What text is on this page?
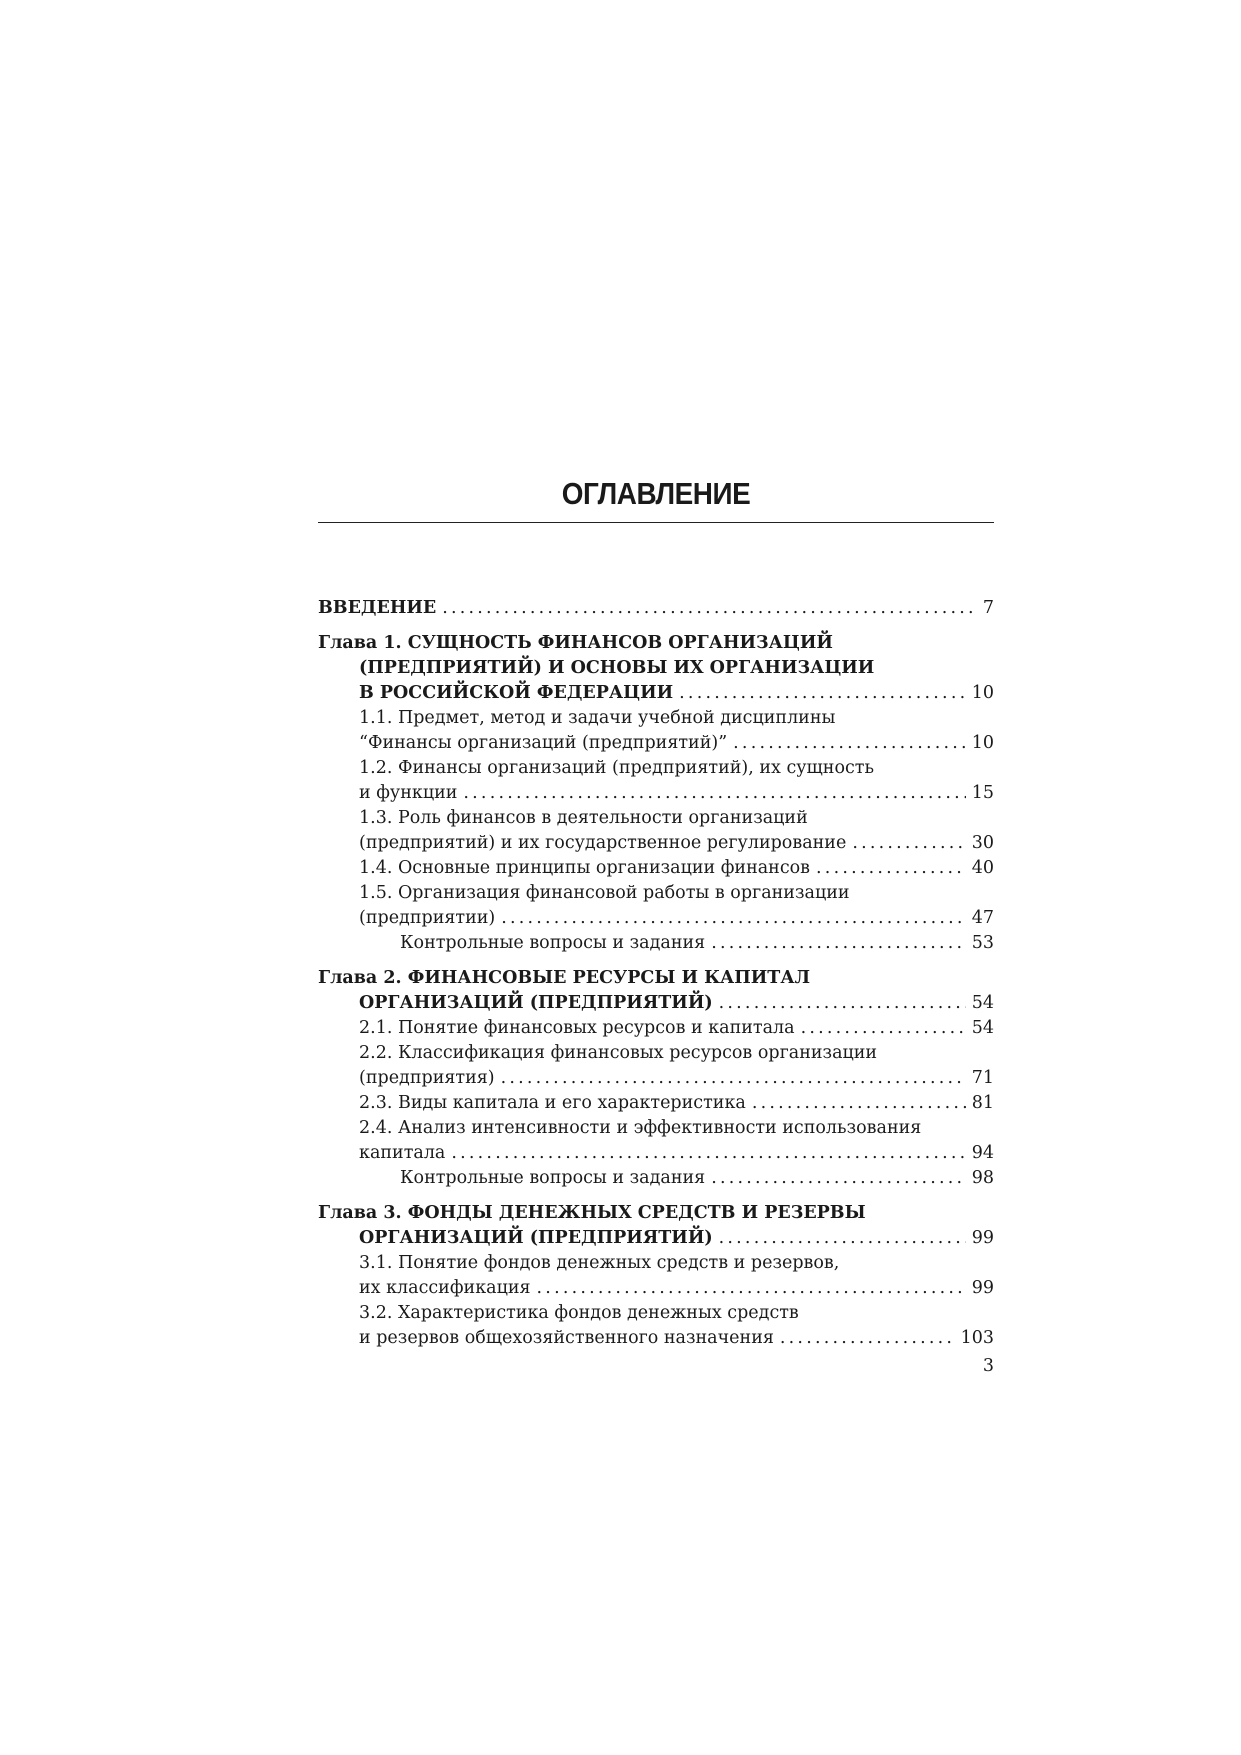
ОГЛАВЛЕНИЕ
ВВЕДЕНИЕ .....	7
Глава 1.
СУЩНОСТЬ ФИНАНСОВ ОРГАНИЗАЦИЙ
(ПРЕДПРИЯТИЙ) И ОСНОВЫ ИХ ОРГАНИЗАЦИИ
В РОССИЙСКОЙ ФЕДЕРАЦИИ .....	10
1.1. Предмет, метод и задачи учебной дисциплины
“Финансы организаций (предприятий)” .....	10
1.2. Финансы организаций (предприятий), их сущность
и функции .....	15
1.3. Роль финансов в деятельности организаций
(предприятий) и их государственное регулирование .....	30
1.4. Основные принципы организации финансов .....	40
1.5. Организация финансовой работы в организации
(предприятии) .....	47
Контрольные вопросы и задания .....	53
Глава 2.
ФИНАНСОВЫЕ РЕСУРСЫ И КАПИТАЛ
ОРГАНИЗАЦИЙ (ПРЕДПРИЯТИЙ) .....	54
2.1. Понятие финансовых ресурсов и капитала .....	54
2.2. Классификация финансовых ресурсов организации
(предприятия) .....	71
2.3. Виды капитала и его характеристика .....	81
2.4. Анализ интенсивности и эффективности использования
капитала .....	94
Контрольные вопросы и задания .....	98
Глава 3.
ФОНДЫ ДЕНЕЖНЫХ СРЕДСТВ И РЕЗЕРВЫ
ОРГАНИЗАЦИЙ (ПРЕДПРИЯТИЙ) .....	99
3.1. Понятие фондов денежных средств и резервов,
их классификация .....	99
3.2. Характеристика фондов денежных средств
и резервов общехозяйственного назначения .....	103
3
